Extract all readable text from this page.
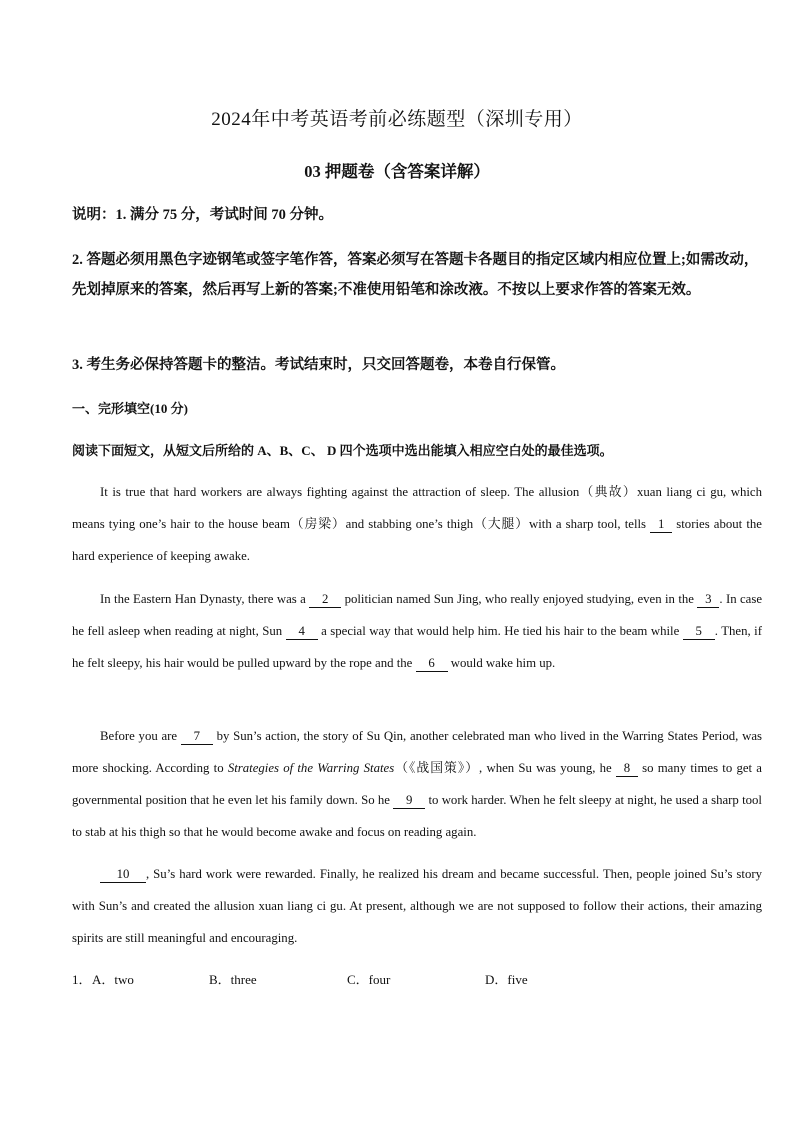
2024年中考英语考前必练题型（深圳专用）
03 押题卷（含答案详解）
说明：1. 满分 75 分，考试时间 70 分钟。
2. 答题必须用黑色字迹钢笔或签字笔作答，答案必须写在答题卡各题目的指定区域内相应位置上;如需改动，先划掉原来的答案，然后再写上新的答案;不准使用铅笔和涂改液。不按以上要求作答的答案无效。
3. 考生务必保持答题卡的整洁。考试结束时，只交回答题卷，本卷自行保管。
一、完形填空(10 分)
阅读下面短文，从短文后所给的 A、B、C、 D 四个选项中选出能填入相应空白处的最佳选项。
It is true that hard workers are always fighting against the attraction of sleep. The allusion（典故）xuan liang ci gu, which means tying one’s hair to the house beam（房梁）and stabbing one’s thigh（大腿）with a sharp tool, tells 1 stories about the hard experience of keeping awake.
In the Eastern Han Dynasty, there was a 2 politician named Sun Jing, who really enjoyed studying, even in the 3 . In case he fell asleep when reading at night, Sun 4 a special way that would help him. He tied his hair to the beam while 5 . Then, if he felt sleepy, his hair would be pulled upward by the rope and the 6 would wake him up.
Before you are 7 by Sun’s action, the story of Su Qin, another celebrated man who lived in the Warring States Period, was more shocking. According to Strategies of the Warring States（《战国策》）, when Su was young, he 8 so many times to get a governmental position that he even let his family down. So he 9 to work harder. When he felt sleepy at night, he used a sharp tool to stab at his thigh so that he would become awake and focus on reading again.
10 , Su’s hard work were rewarded. Finally, he realized his dream and became successful. Then, people joined Su’s story with Sun’s and created the allusion xuan liang ci gu. At present, although we are not supposed to follow their actions, their amazing spirits are still meaningful and encouraging.
1． A．two	B．three	C．four	D．five
